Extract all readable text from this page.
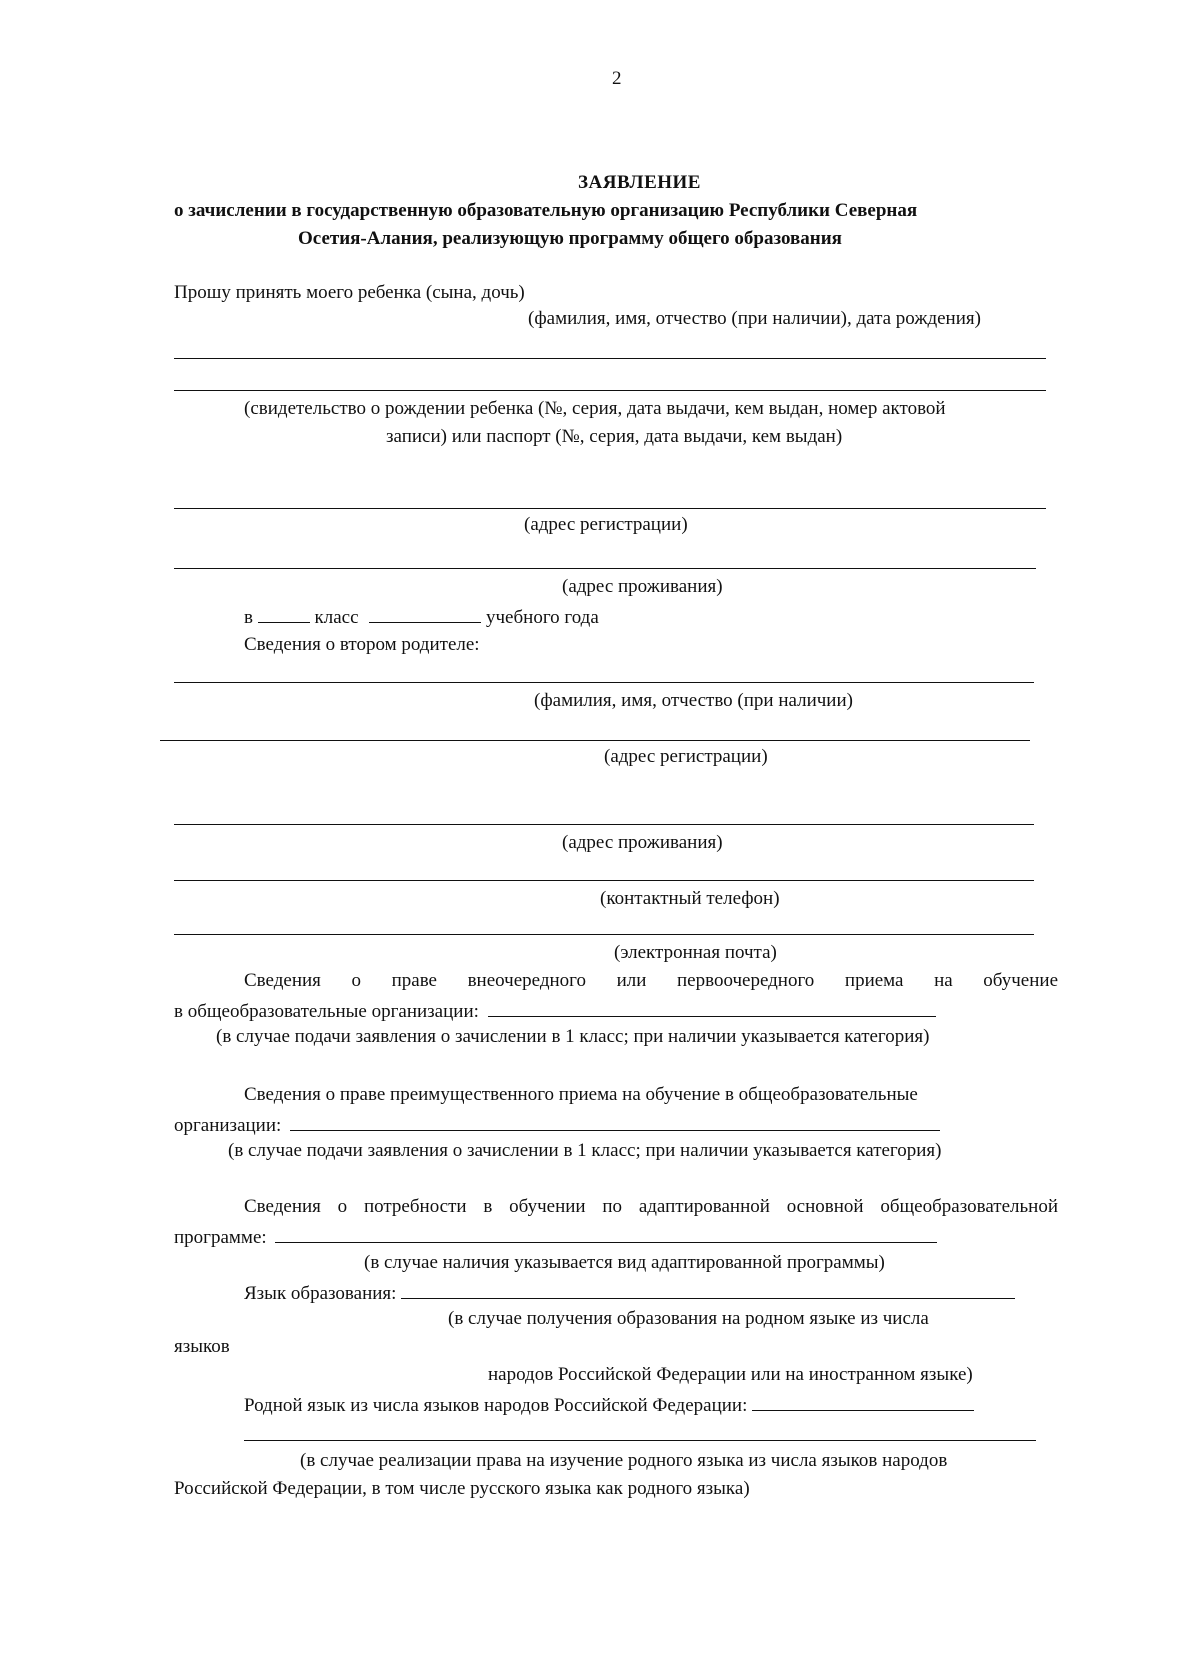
2
ЗАЯВЛЕНИЕ
о зачислении в государственную образовательную организацию Республики Северная
Осетия-Алания, реализующую программу общего образования
Прошу принять моего ребенка (сына, дочь)
(фамилия, имя, отчество (при наличии), дата рождения)
(свидетельство о рождении ребенка (№, серия, дата выдачи, кем выдан, номер актовой
записи) или паспорт (№, серия, дата выдачи, кем выдан)
(адрес регистрации)
(адрес проживания)
в	класс	учебного года
Сведения о втором родителе:
(фамилия, имя, отчество (при наличии)
(адрес регистрации)
(адрес проживания)
(контактный телефон)
(электронная почта)
Сведения о праве внеочередного или первоочередного приема на обучение
в общеобразовательные организации:
(в случае подачи заявления о зачислении в 1 класс; при наличии указывается категория)
Сведения о праве преимущественного приема на обучение в общеобразовательные
организации:
(в случае подачи заявления о зачислении в 1 класс; при наличии указывается категория)
Сведения о потребности в обучении по адаптированной основной общеобразовательной
программе:
(в случае наличия указывается вид адаптированной программы)
Язык образования:
(в случае получения образования на родном языке из числа
языков
народов Российской Федерации или на иностранном языке)
Родной язык из числа языков народов Российской Федерации:
(в случае реализации права на изучение родного языка из числа языков народов
Российской Федерации, в том числе русского языка как родного языка)
